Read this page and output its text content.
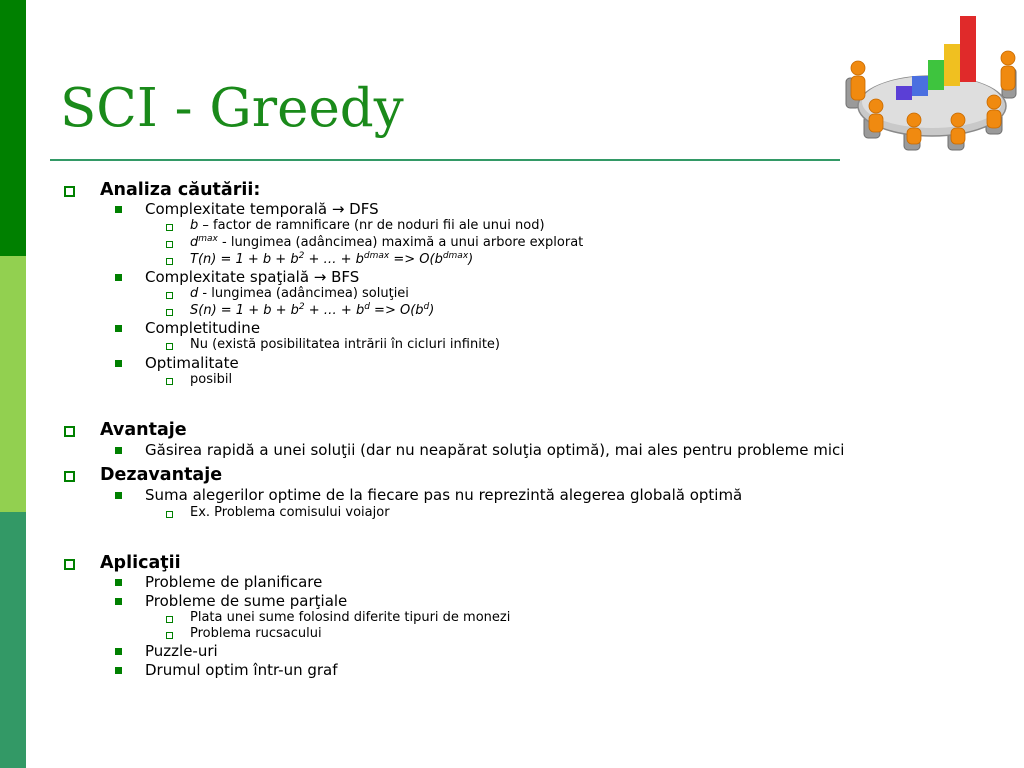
SCI - Greedy
Analiza căutării:
Complexitate temporală → DFS
b – factor de ramnificare (nr de noduri fii ale unui nod)
$d^{max}$ - lungimea (adâncimea) maximă a unui arbore explorat
$T(n) = 1 + b + b^2$ + … + $b^{dmax} => O(b^{dmax})$
Complexitate spaţială → BFS
d - lungimea (adâncimea) soluţiei
$S(n) = 1 + b + b^2$ + … + $b^d => O(b^d)$
Completitudine
Nu (există posibilitatea intrării în cicluri infinite)
Optimalitate
posibil
Avantaje
Găsirea rapidă a unei soluţii (dar nu neapărat soluţia optimă), mai ales pentru probleme mici
Dezavantaje
Suma alegerilor optime de la fiecare pas nu reprezintă alegerea globală optimă
Ex. Problema comisului voiajor
Aplicaţii
Probleme de planificare
Probleme de sume parţiale
Plata unei sume folosind diferite tipuri de monezi
Problema rucsacului
Puzzle-uri
Drumul optim într-un graf
